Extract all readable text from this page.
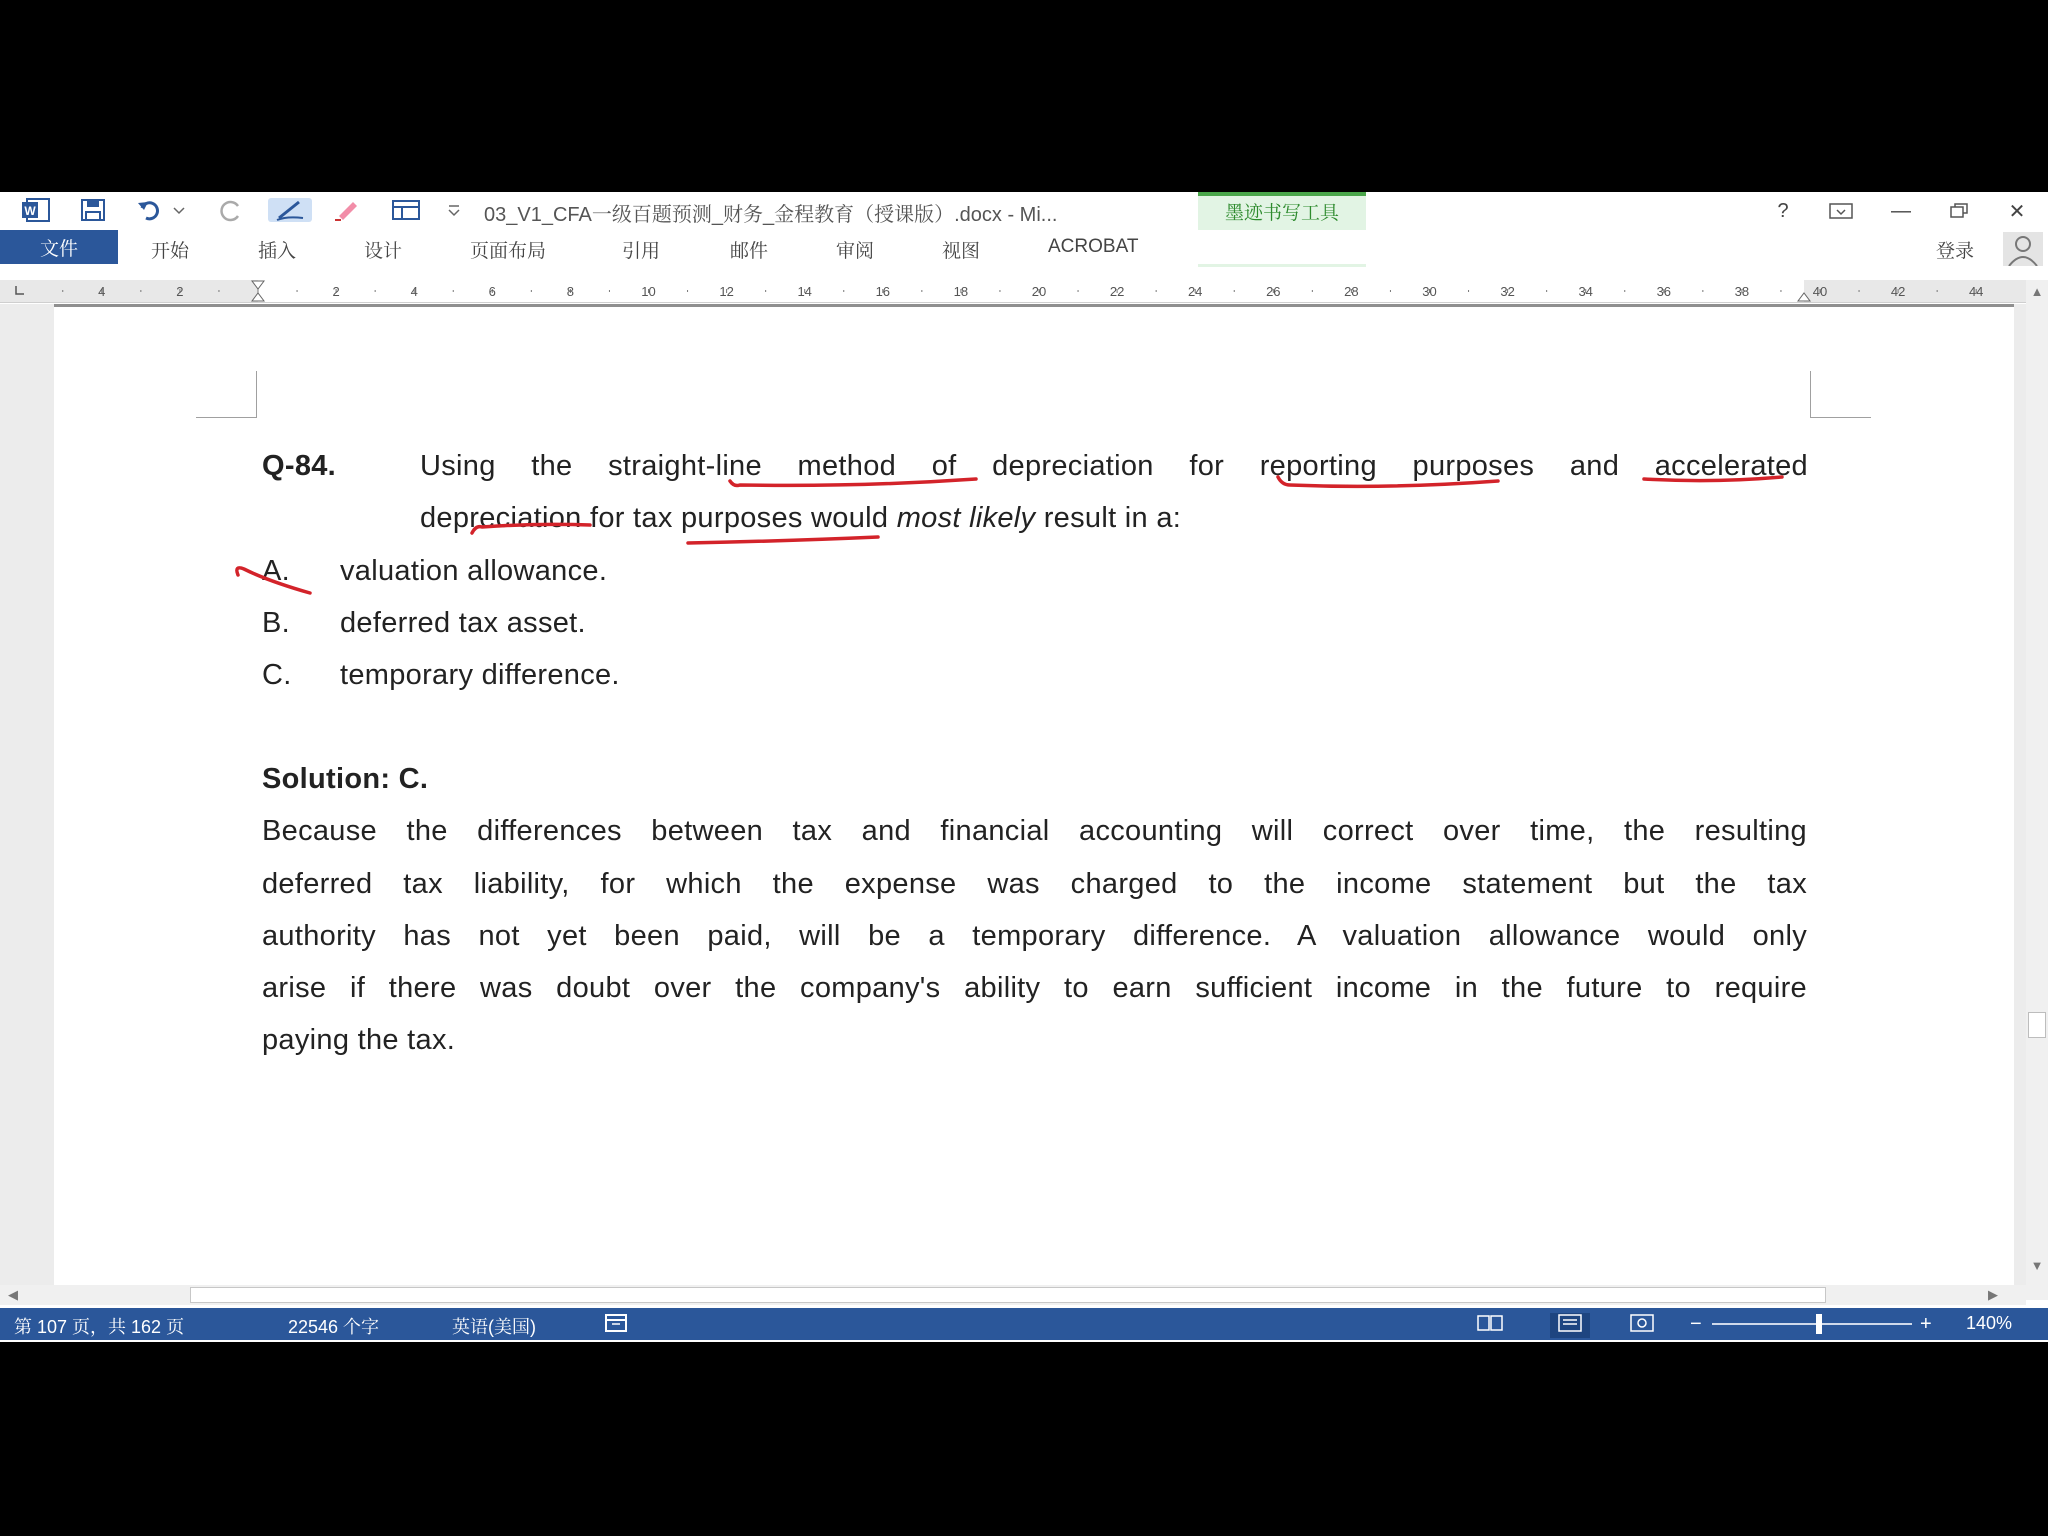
W	03_V1_CFA一级百题预测_财务_金程教育（授课版）.docx - Mi...	墨迹书写工具	?	—	✕
文件	开始	插入	设计	页面布局	引用	邮件	审阅	视图	ACROBAT	登录
4	2	2	4	6	8	10	12	14	16	18	20	22	24	26	28	30	32	34	36	38	40	42	44
Q-84.	Using the straight-line method of depreciation for reporting purposes and accelerated
depreciation for tax purposes would most likely result in a:
A. valuation allowance.
B. deferred tax asset.
C. temporary difference.
Solution: C.
Because the differences between tax and financial accounting will correct over time, the resulting
deferred tax liability, for which the expense was charged to the income statement but the tax
authority has not yet been paid, will be a temporary difference. A valuation allowance would only
arise if there was doubt over the company's ability to earn sufficient income in the future to require
paying the tax.
▲
▼
◀	▶
第 107 页，共 162 页	22546 个字	英语(美国)	−	+ 140%
